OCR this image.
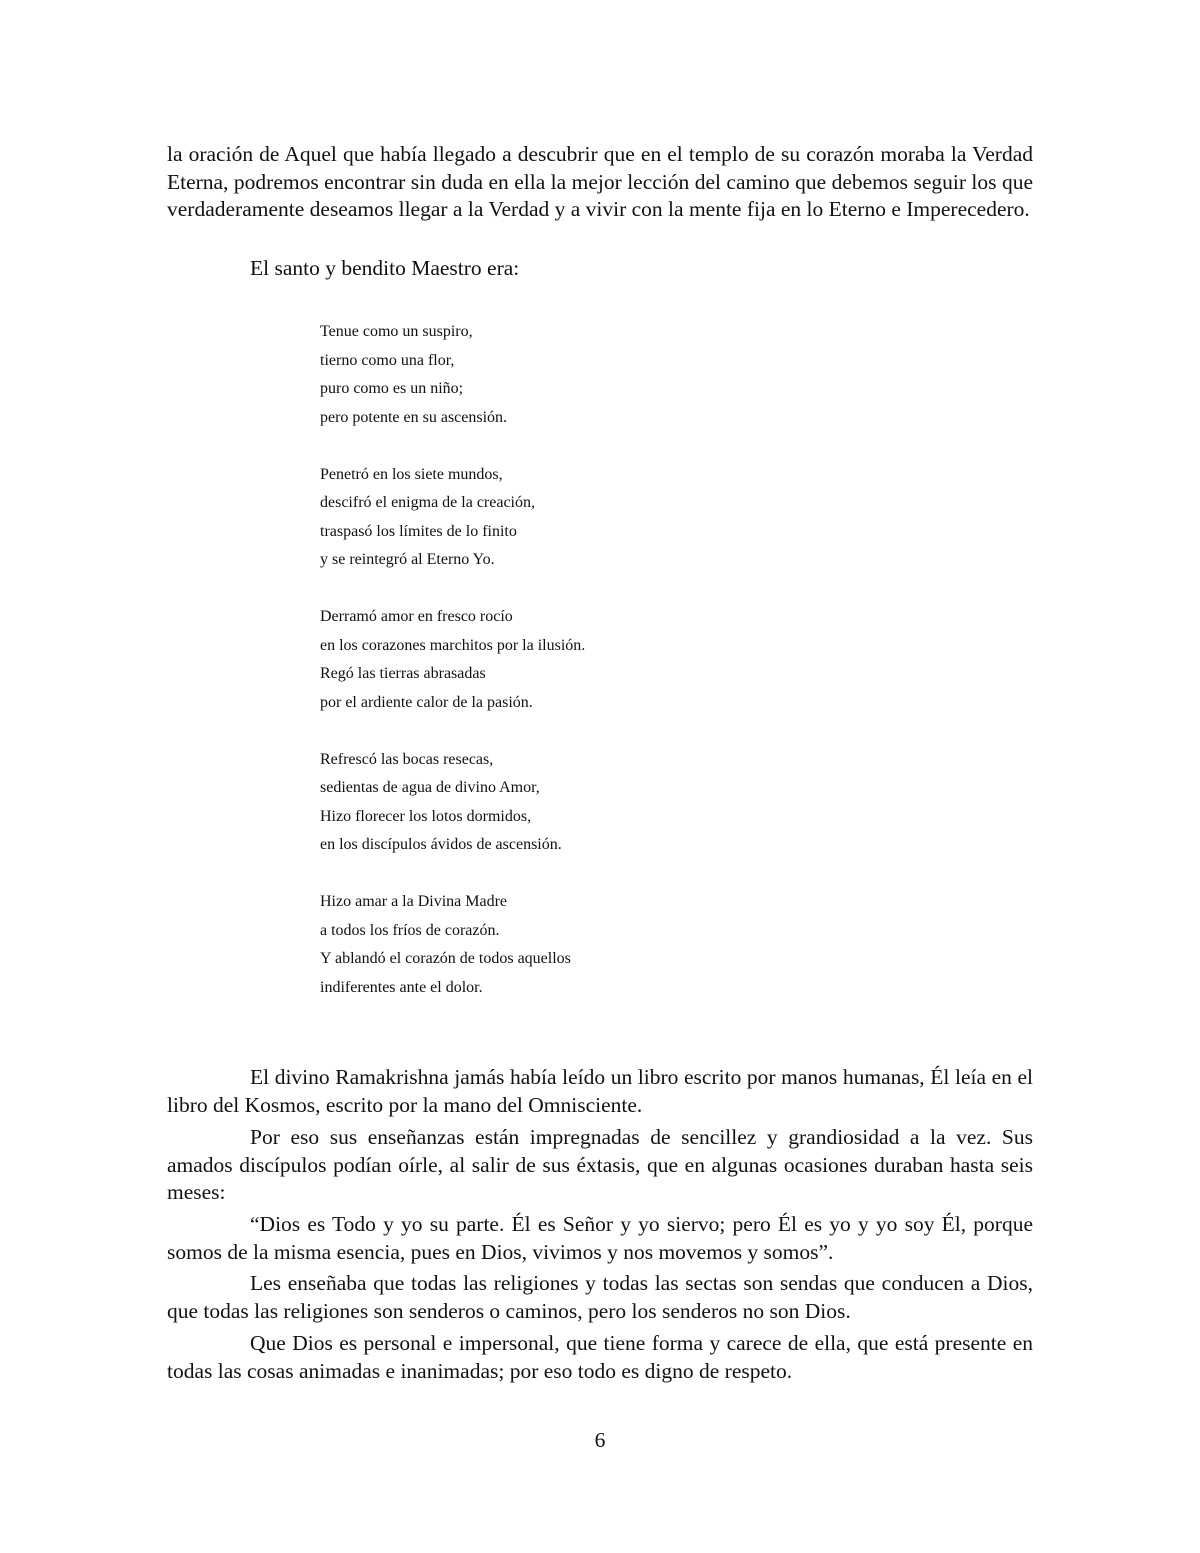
la oración de Aquel que había llegado a descubrir que en el templo de su corazón moraba la Verdad Eterna, podremos encontrar sin duda en ella la mejor lección del camino que debemos seguir los que verdaderamente deseamos llegar a la Verdad y a vivir con la mente fija en lo Eterno e Imperecedero.

El santo y bendito Maestro era:

Tenue como un suspiro,
tierno como una flor,
puro como es un niño;
pero potente en su ascensión.
Penetró en los siete mundos,
descifró el enigma de la creación,
traspasó los límites de lo finito
y se reintegró al Eterno Yo.
Derramó amor en fresco rocío
en los corazones marchitos por la ilusión.
Regó las tierras abrasadas
por el ardiente calor de la pasión.
Refrescó las bocas resecas,
sedientas de agua de divino Amor,
Hizo florecer los lotos dormidos,
en los discípulos ávidos de ascensión.
Hizo amar a la Divina Madre
a todos los fríos de corazón.
Y ablandó el corazón de todos aquellos
indiferentes ante el dolor.

El divino Ramakrishna jamás había leído un libro escrito por manos humanas, Él leía en el libro del Kosmos, escrito por la mano del Omnisciente.

Por eso sus enseñanzas están impregnadas de sencillez y grandiosidad a la vez. Sus amados discípulos podían oírle, al salir de sus éxtasis, que en algunas ocasiones duraban hasta seis meses:

“Dios es Todo y yo su parte. Él es Señor y yo siervo; pero Él es yo y yo soy Él, porque somos de la misma esencia, pues en Dios, vivimos y nos movemos y somos”.

Les enseñaba que todas las religiones y todas las sectas son sendas que conducen a Dios, que todas las religiones son senderos o caminos, pero los senderos no son Dios.

Que Dios es personal e impersonal, que tiene forma y carece de ella, que está presente en todas las cosas animadas e inanimadas; por eso todo es digno de respeto.

6
